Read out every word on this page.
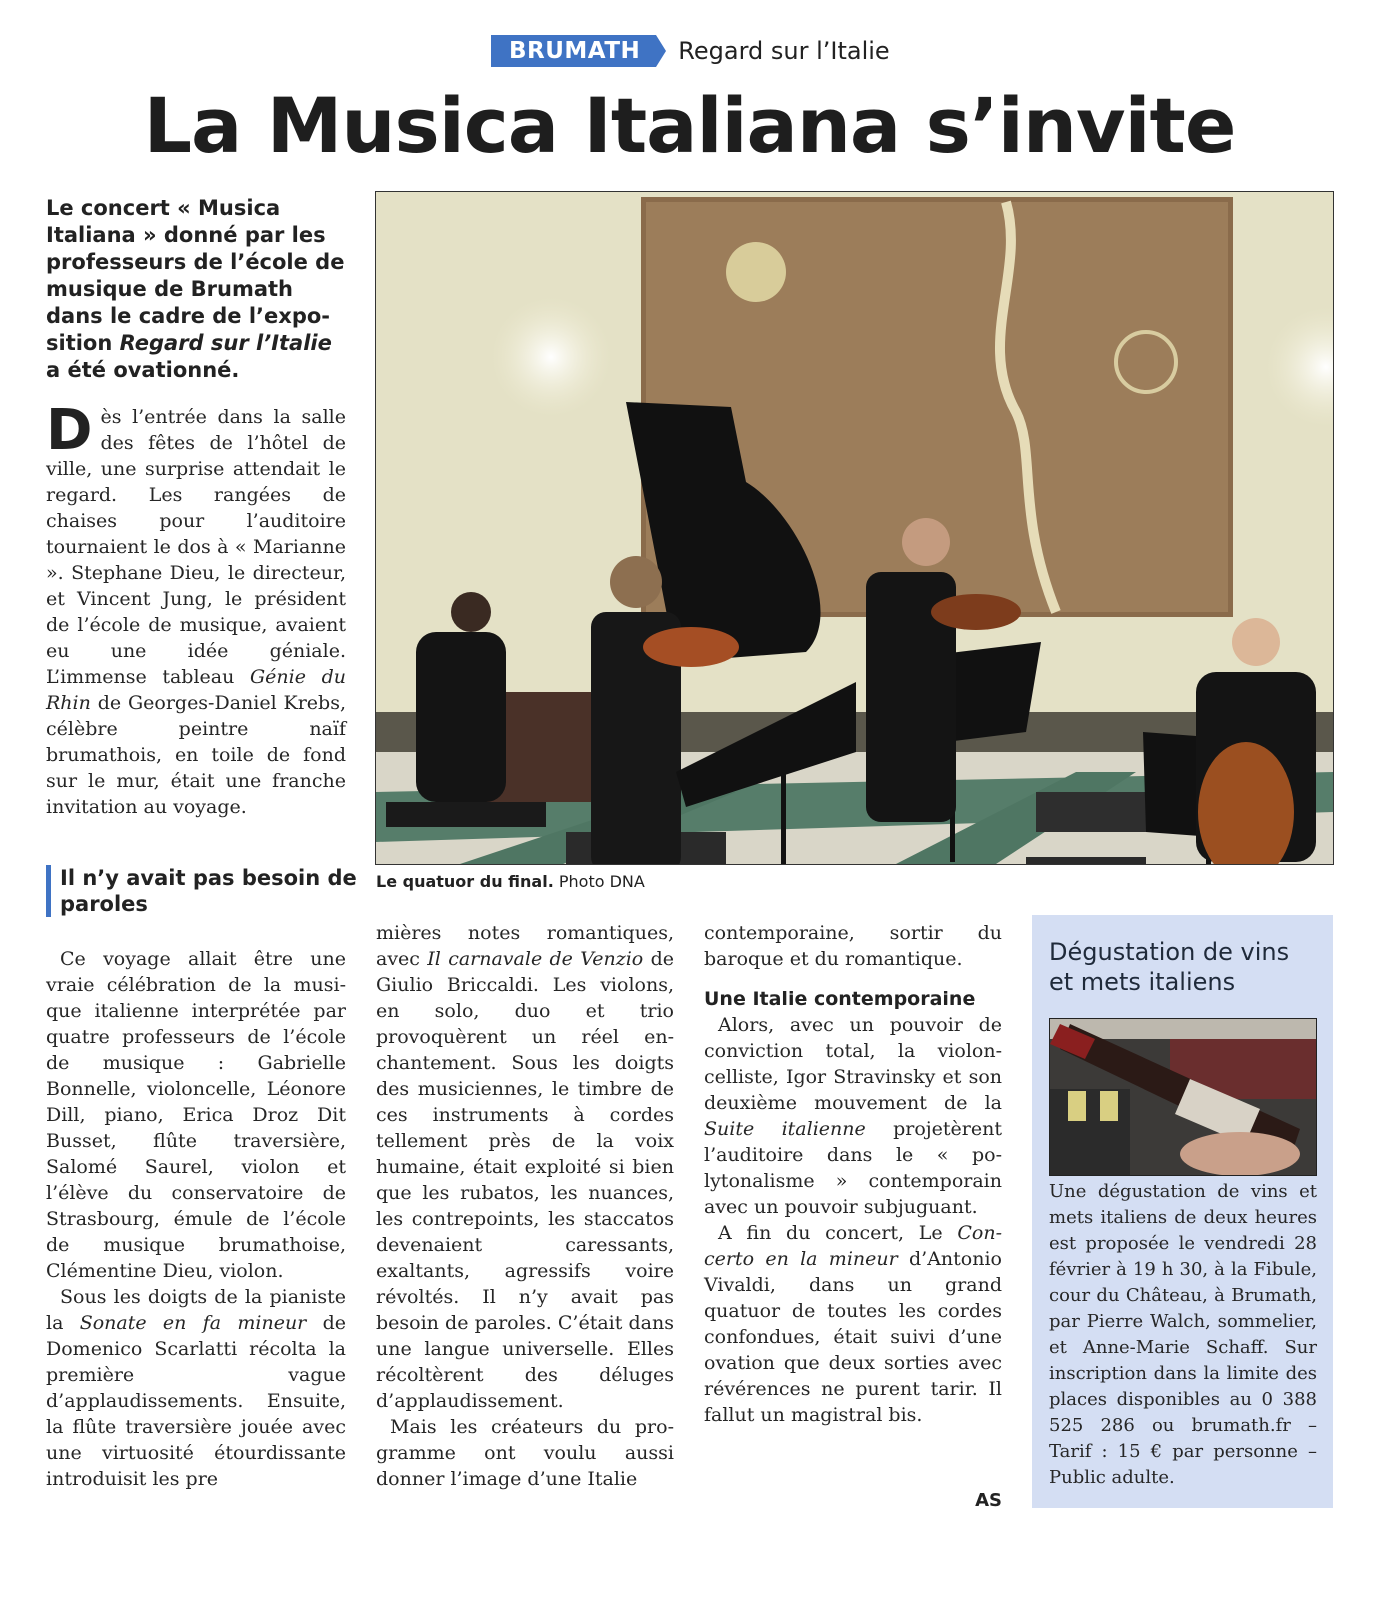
BRUMATH	Regard sur l’Italie
La Musica Italiana s’invite
Le concert « Musica Italiana » donné par les professeurs de l’école de musique de Brumath dans le cadre de l’exposition Regard sur l’Italie a été ovationné.

Dès l’entrée dans la salle des fêtes de l’hôtel de ville, une surprise attendait le regard. Les rangées de chaises pour l’auditoire tournaient le dos à « Marianne ». Stephane Dieu, le directeur, et Vincent Jung, le président de l’école de musique, avaient eu une idée géniale. L’immense tableau Génie du Rhin de Georges-Daniel Krebs, célèbre peintre naïf brumathois, en toile de fond sur le mur, était une franche invitation au voyage.

Il n’y avait pas besoin de paroles

Ce voyage allait être une vraie célébration de la musique italienne interprétée par quatre professeurs de l’école de musique : Gabrielle Bonnelle, violoncelle, Léonore Dill, piano, Erica Droz Dit Busset, flûte traversière, Salomé Saurel, violon et l’élève du conservatoire de Strasbourg, émule de l’école de musique brumathoise, Clémentine Dieu, violon.

Sous les doigts de la pianiste la Sonate en fa mineur de Domenico Scarlatti récolta la première vague d’applaudissements. Ensuite, la flûte traversière jouée avec une virtuosité étourdissante introduisit les pre

mières notes romantiques, avec Il carnavale de Venzio de Giulio Briccaldi. Les violons, en solo, duo et trio provoquèrent un réel enchantement. Sous les doigts des musiciennes, le timbre de ces instruments à cordes tellement près de la voix humaine, était exploité si bien que les rubatos, les nuances, les contrepoints, les staccatos devenaient caressants, exaltants, agressifs voire révoltés. Il n’y avait pas besoin de paroles. C’était dans une langue universelle. Elles récoltèrent des déluges d’applaudissement.

Mais les créateurs du programme ont voulu aussi donner l’image d’une Italie

contemporaine, sortir du baroque et du romantique.

Une Italie contemporaine

Alors, avec un pouvoir de conviction total, la violoncelliste, Igor Stravinsky et son deuxième mouvement de la Suite italienne projetèrent l’auditoire dans le « polytonalisme » contemporain avec un pouvoir subjuguant.

A fin du concert, Le Concerto en la mineur d’Antonio Vivaldi, dans un grand quatuor de toutes les cordes confondues, était suivi d’une ovation que deux sorties avec révérences ne purent tarir. Il fallut un magistral bis.

AS
Le quatuor du final. Photo DNA
Dégustation de vins et mets italiens
Une dégustation de vins et mets italiens de deux heures est proposée le vendredi 28 février à 19 h 30, à la Fibule, cour du Château, à Brumath, par Pierre Walch, sommelier, et Anne-Marie Schaff. Sur inscription dans la limite des places disponibles au 0 388 525 286 ou brumath.fr – Tarif : 15 € par personne – Public adulte.
